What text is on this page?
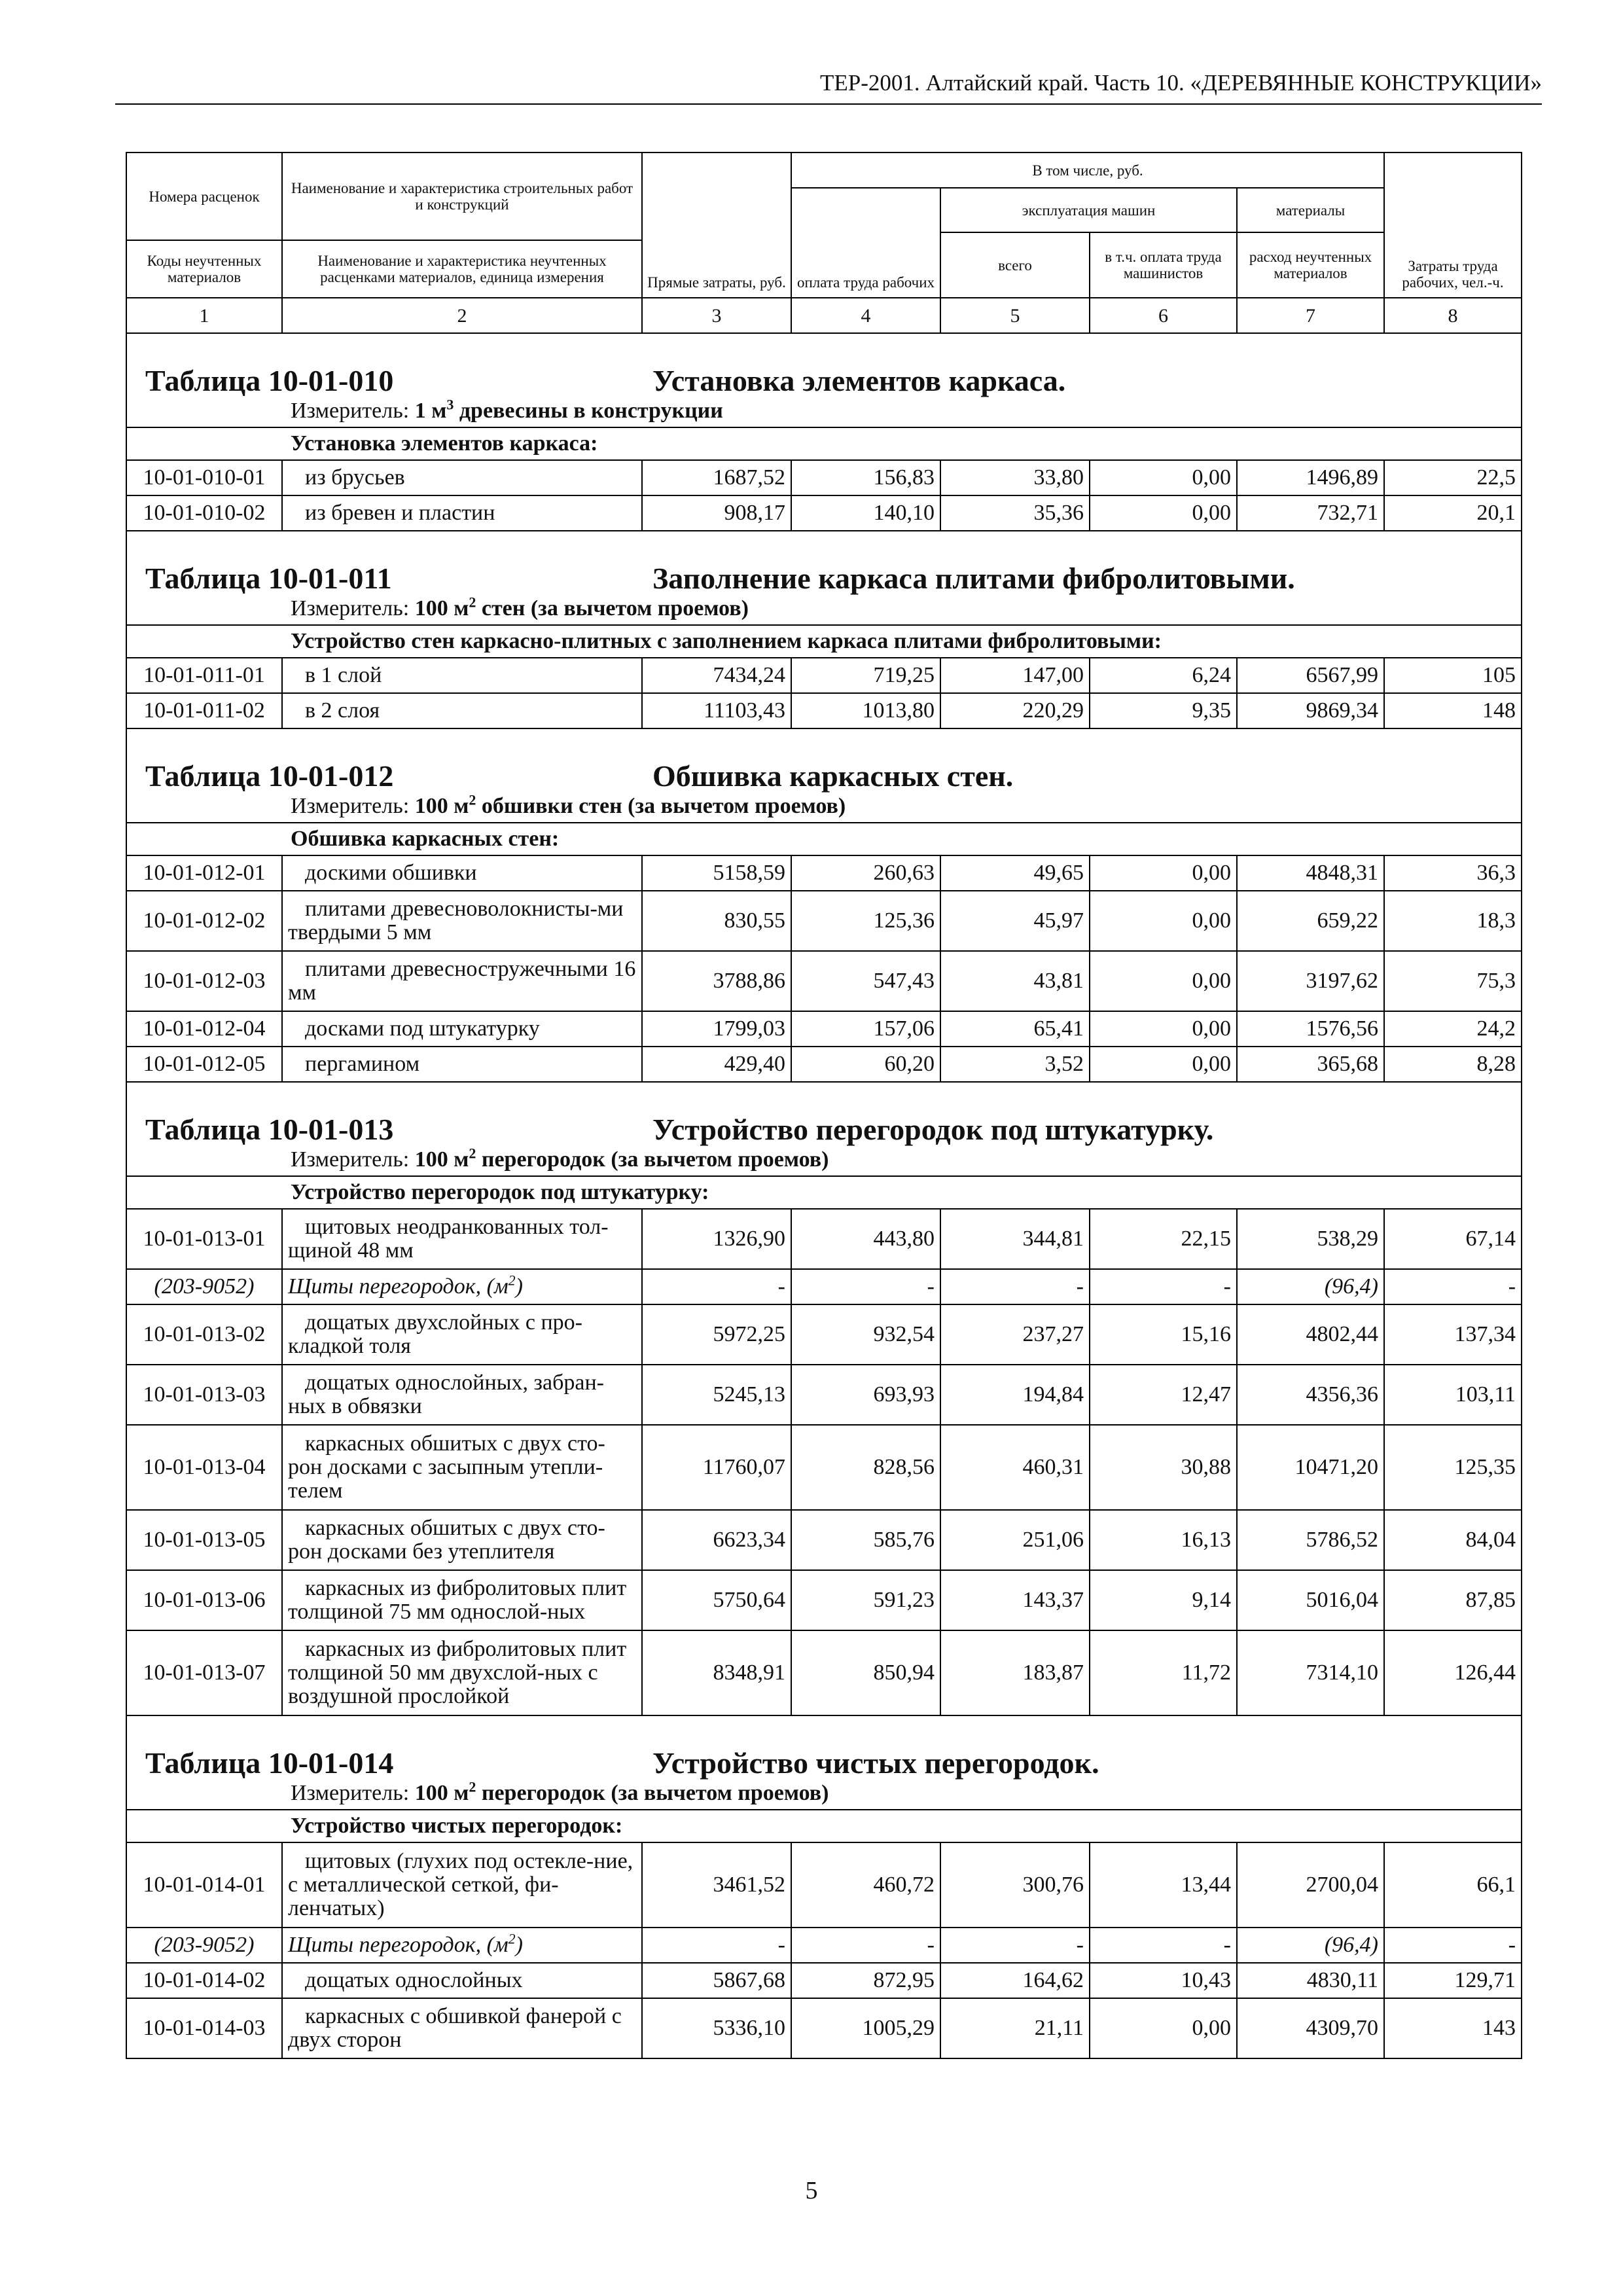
ТЕР-2001. Алтайский край. Часть 10. «ДЕРЕВЯННЫЕ КОНСТРУКЦИИ»
Номера расценок	Наименование и характеристика строительных работ и конструкций	Прямые затраты, руб.	В том числе, руб.				Затраты труда рабочих, чел.-ч.
			оплата труда рабочих	эксплуатация машин		материалы	
				всего	в т.ч. оплата труда машинистов	расход неучтенных материалов	
Коды неучтенных материалов	Наименование и характеристика неучтенных расценками материалов, единица измерения						
1	2	3	4	5	6	7	8
Таблица 10-01-010 Установка элементов каркаса.							
Измеритель: 1 $м^3$ древесины в конструкции							
Установка элементов каркаса:							
10-01-010-01	из брусьев	1687,52	156,83	33,80	0,00	1496,89	22,5
10-01-010-02	из бревен и пластин	908,17	140,10	35,36	0,00	732,71	20,1
Таблица 10-01-011 Заполнение каркаса плитами фибролитовыми.							
Измеритель: 100 $м^2$ стен (за вычетом проемов)							
Устройство стен каркасно-плитных с заполнением каркаса плитами фибролитовыми:							
10-01-011-01	в 1 слой	7434,24	719,25	147,00	6,24	6567,99	105
10-01-011-02	в 2 слоя	11103,43	1013,80	220,29	9,35	9869,34	148
Таблица 10-01-012 Обшивка каркасных стен.							
Измеритель: 100 $м^2$ обшивки стен (за вычетом проемов)							
Обшивка каркасных стен:							
10-01-012-01	доскими обшивки	5158,59	260,63	49,65	0,00	4848,31	36,3
10-01-012-02	плитами древесноволокнисты-ми твердыми 5 мм	830,55	125,36	45,97	0,00	659,22	18,3
10-01-012-03	плитами древесностружечными 16 мм	3788,86	547,43	43,81	0,00	3197,62	75,3
10-01-012-04	досками под штукатурку	1799,03	157,06	65,41	0,00	1576,56	24,2
10-01-012-05	пергамином	429,40	60,20	3,52	0,00	365,68	8,28
Таблица 10-01-013 Устройство перегородок под штукатурку.							
Измеритель: 100 $м^2$ перегородок (за вычетом проемов)							
Устройство перегородок под штукатурку:							
10-01-013-01	щитовых неодранкованных тол-щиной 48 мм	1326,90	443,80	344,81	22,15	538,29	67,14
(203-9052)	Щиты перегородок, $(м^2)$	-	-	-	-	(96,4)	-
10-01-013-02	дощатых двухслойных с про-кладкой толя	5972,25	932,54	237,27	15,16	4802,44	137,34
10-01-013-03	дощатых однослойных, забран-ных в обвязки	5245,13	693,93	194,84	12,47	4356,36	103,11
10-01-013-04	каркасных обшитых с двух сто-рон досками с засыпным утепли-телем	11760,07	828,56	460,31	30,88	10471,20	125,35
10-01-013-05	каркасных обшитых с двух сто-рон досками без утеплителя	6623,34	585,76	251,06	16,13	5786,52	84,04
10-01-013-06	каркасных из фибролитовых плит толщиной 75 мм однослой-ных	5750,64	591,23	143,37	9,14	5016,04	87,85
10-01-013-07	каркасных из фибролитовых плит толщиной 50 мм двухслой-ных с воздушной прослойкой	8348,91	850,94	183,87	11,72	7314,10	126,44
Таблица 10-01-014 Устройство чистых перегородок.							
Измеритель: 100 $м^2$ перегородок (за вычетом проемов)							
Устройство чистых перегородок:							
10-01-014-01	щитовых (глухих под остекле-ние, с металлической сеткой, фи-ленчатых)	3461,52	460,72	300,76	13,44	2700,04	66,1
(203-9052)	Щиты перегородок, $(м^2)$	-	-	-	-	(96,4)	-
10-01-014-02	дощатых однослойных	5867,68	872,95	164,62	10,43	4830,11	129,71
10-01-014-03	каркасных с обшивкой фанерой с двух сторон	5336,10	1005,29	21,11	0,00	4309,70	143
5
